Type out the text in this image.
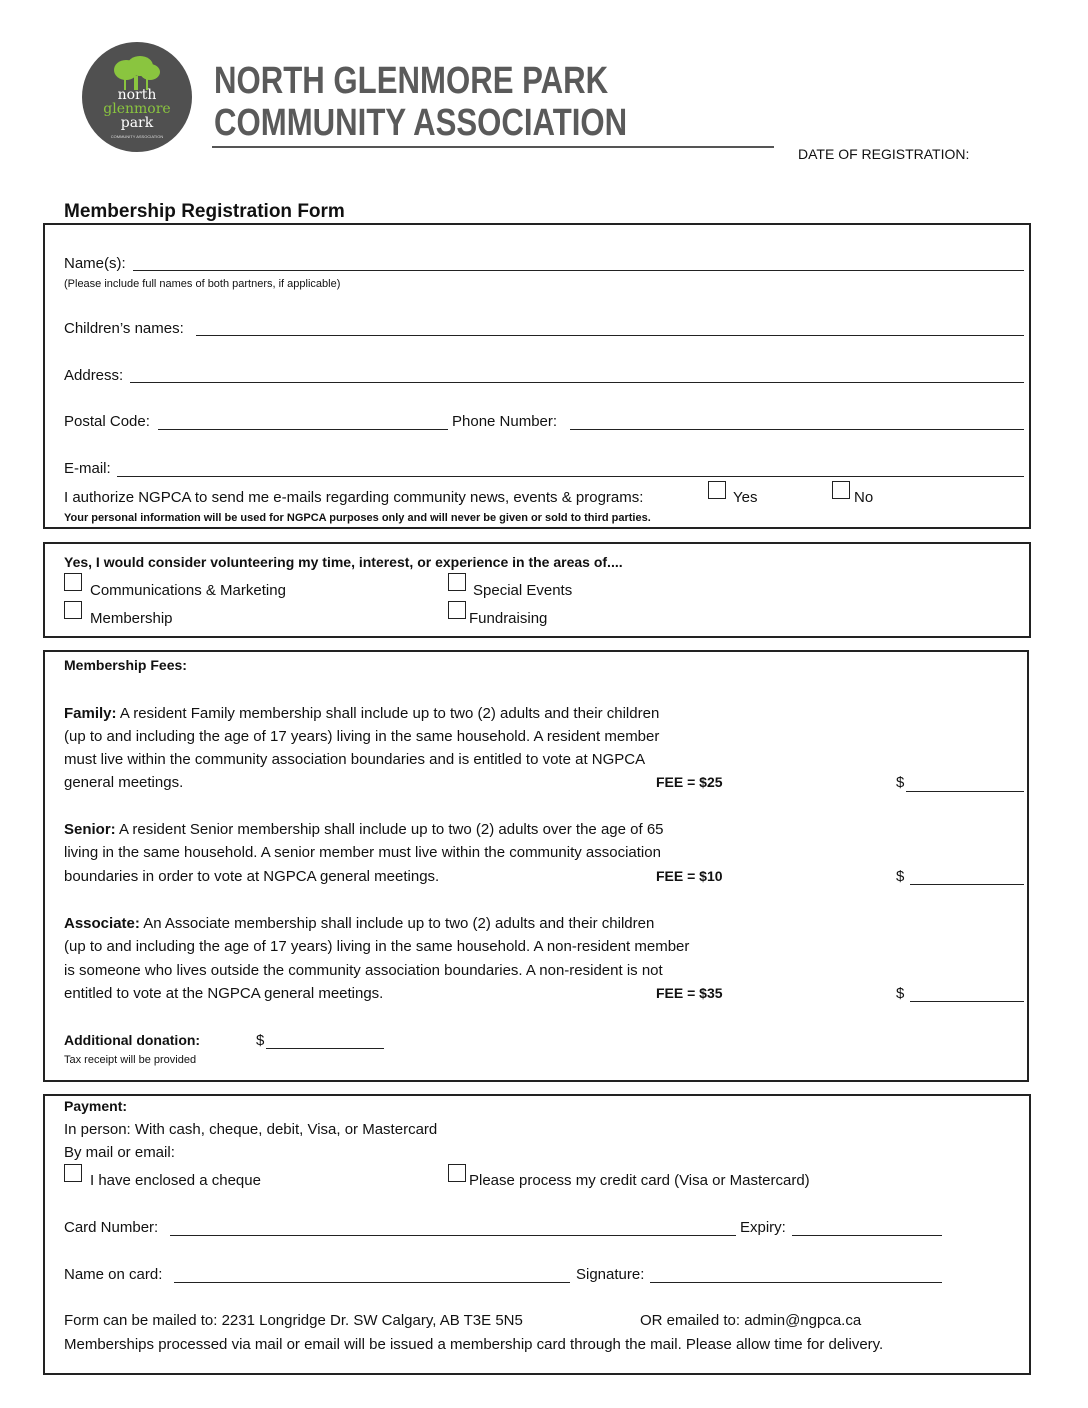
north
glenmore
park
COMMUNITY ASSOCIATION
NORTH GLENMORE PARK
COMMUNITY ASSOCIATION
DATE OF REGISTRATION:
Membership Registration Form
Name(s):
(Please include full names of both partners, if applicable)
Children’s names:
Address:
Postal Code:	Phone Number:
E-mail:
I authorize NGPCA to send me e-mails regarding community news, events & programs:	Yes	No
Your personal information will be used for NGPCA purposes only and will never be given or sold to third parties.
Yes, I would consider volunteering my time, interest, or experience in the areas of....
Communications & Marketing	Special Events
Membership	Fundraising
Membership Fees:
Family: A resident Family membership shall include up to two (2) adults and their children
(up to and including the age of 17 years) living in the same household. A resident member
must live within the community association boundaries and is entitled to vote at NGPCA
general meetings.	FEE = $25	$
Senior: A resident Senior membership shall include up to two (2) adults over the age of 65
living in the same household. A senior member must live within the community association
boundaries in order to vote at NGPCA general meetings.	FEE = $10	$
Associate: An Associate membership shall include up to two (2) adults and their children
(up to and including the age of 17 years) living in the same household. A non-resident member
is someone who lives outside the community association boundaries. A non-resident is not
entitled to vote at the NGPCA general meetings.	FEE = $35	$
Additional donation:	$
Tax receipt will be provided
Payment:
In person: With cash, cheque, debit, Visa, or Mastercard
By mail or email:
I have enclosed a cheque	Please process my credit card (Visa or Mastercard)
Card Number:	Expiry:
Name on card:	Signature:
Form can be mailed to: 2231 Longridge Dr. SW Calgary, AB T3E 5N5	OR emailed to: admin@ngpca.ca
Memberships processed via mail or email will be issued a membership card through the mail. Please allow time for delivery.
